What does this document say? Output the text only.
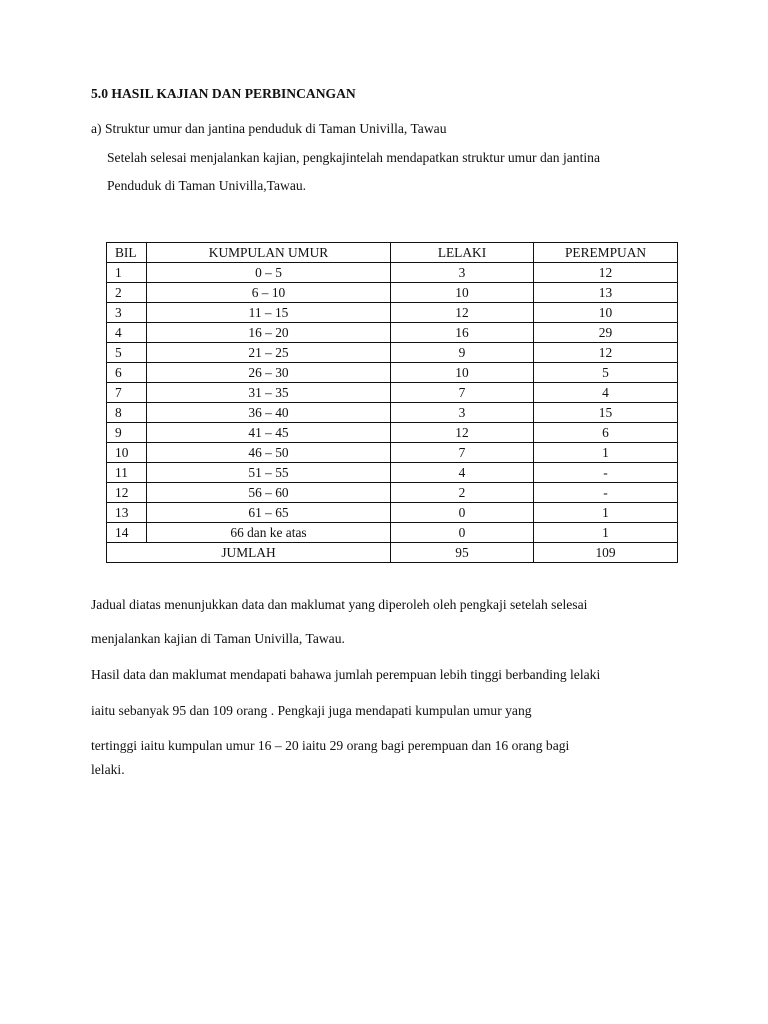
5.0 HASIL KAJIAN DAN PERBINCANGAN
a) Struktur umur dan jantina penduduk di Taman Univilla, Tawau
Setelah selesai menjalankan kajian, pengkajintelah mendapatkan struktur umur dan jantina
Penduduk di Taman Univilla,Tawau.
BIL	KUMPULAN UMUR	LELAKI	PEREMPUAN
1	0 – 5	3	12
2	6 – 10	10	13
3	11 – 15	12	10
4	16 – 20	16	29
5	21 – 25	9	12
6	26 – 30	10	5
7	31 – 35	7	4
8	36 – 40	3	15
9	41 – 45	12	6
10	46 – 50	7	1
11	51 – 55	4	-
12	56 – 60	2	-
13	61 – 65	0	1
14	66 dan ke atas	0	1
JUMLAH		95	109
Jadual diatas menunjukkan data dan maklumat yang diperoleh oleh pengkaji setelah selesai
menjalankan kajian di Taman Univilla, Tawau.
Hasil data dan maklumat mendapati bahawa jumlah perempuan lebih tinggi berbanding lelaki
iaitu sebanyak 95 dan 109 orang . Pengkaji juga mendapati kumpulan umur yang
tertinggi iaitu kumpulan umur 16 – 20 iaitu 29 orang bagi perempuan dan 16 orang bagi
lelaki.
